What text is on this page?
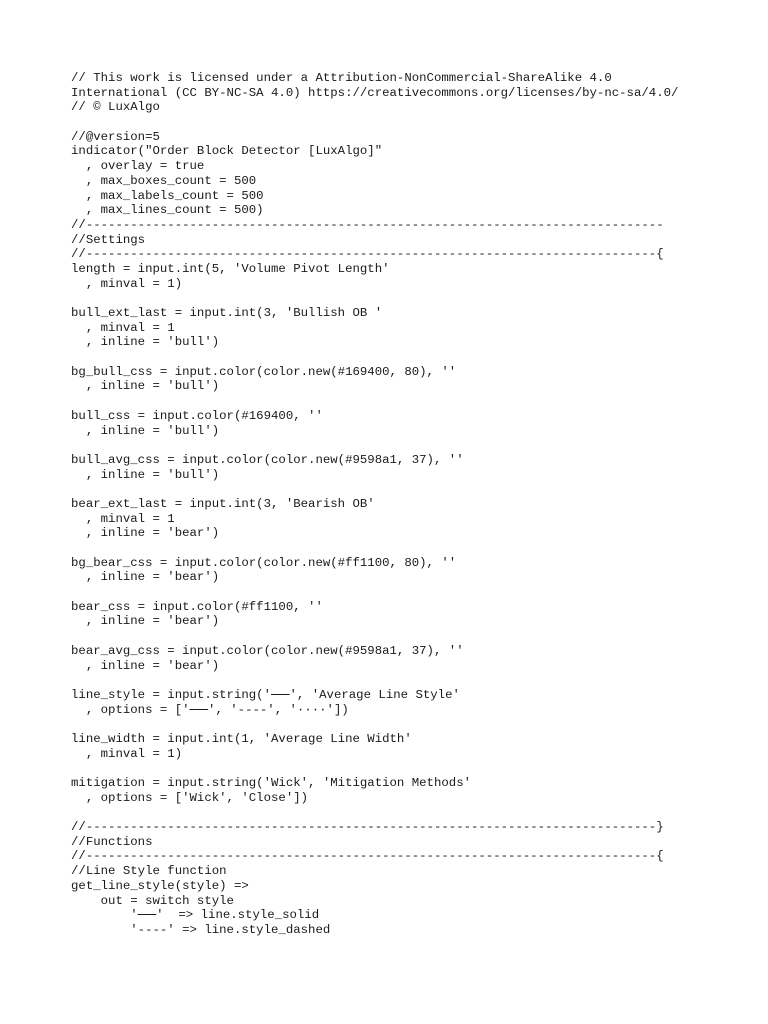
// This work is licensed under a Attribution-NonCommercial-ShareAlike 4.0
International (CC BY-NC-SA 4.0) https://creativecommons.org/licenses/by-nc-sa/4.0/
// © LuxAlgo
//@version=5
indicator("Order Block Detector [LuxAlgo]"
, overlay = true
, max_boxes_count = 500
, max_labels_count = 500
, max_lines_count = 500)
//------------------------------------------------------------------------------
//Settings
//-----------------------------------------------------------------------------{
length = input.int(5, 'Volume Pivot Length'
, minval = 1)
bull_ext_last = input.int(3, 'Bullish OB '
, minval = 1
, inline = 'bull')
bg_bull_css = input.color(color.new(#169400, 80), ''
, inline = 'bull')
bull_css = input.color(#169400, ''
, inline = 'bull')
bull_avg_css = input.color(color.new(#9598a1, 37), ''
, inline = 'bull')
bear_ext_last = input.int(3, 'Bearish OB'
, minval = 1
, inline = 'bear')
bg_bear_css = input.color(color.new(#ff1100, 80), ''
, inline = 'bear')
bear_css = input.color(#ff1100, ''
, inline = 'bear')
bear_avg_css = input.color(color.new(#9598a1, 37), ''
, inline = 'bear')
line_style = input.string('⎯⎯⎯', 'Average Line Style'
, options = ['⎯⎯⎯', '----', '····'])
line_width = input.int(1, 'Average Line Width'
, minval = 1)
mitigation = input.string('Wick', 'Mitigation Methods'
, options = ['Wick', 'Close'])
//-----------------------------------------------------------------------------}
//Functions
//-----------------------------------------------------------------------------{
//Line Style function
get_line_style(style) =>
out = switch style
'⎯⎯⎯'  => line.style_solid
'----' => line.style_dashed
